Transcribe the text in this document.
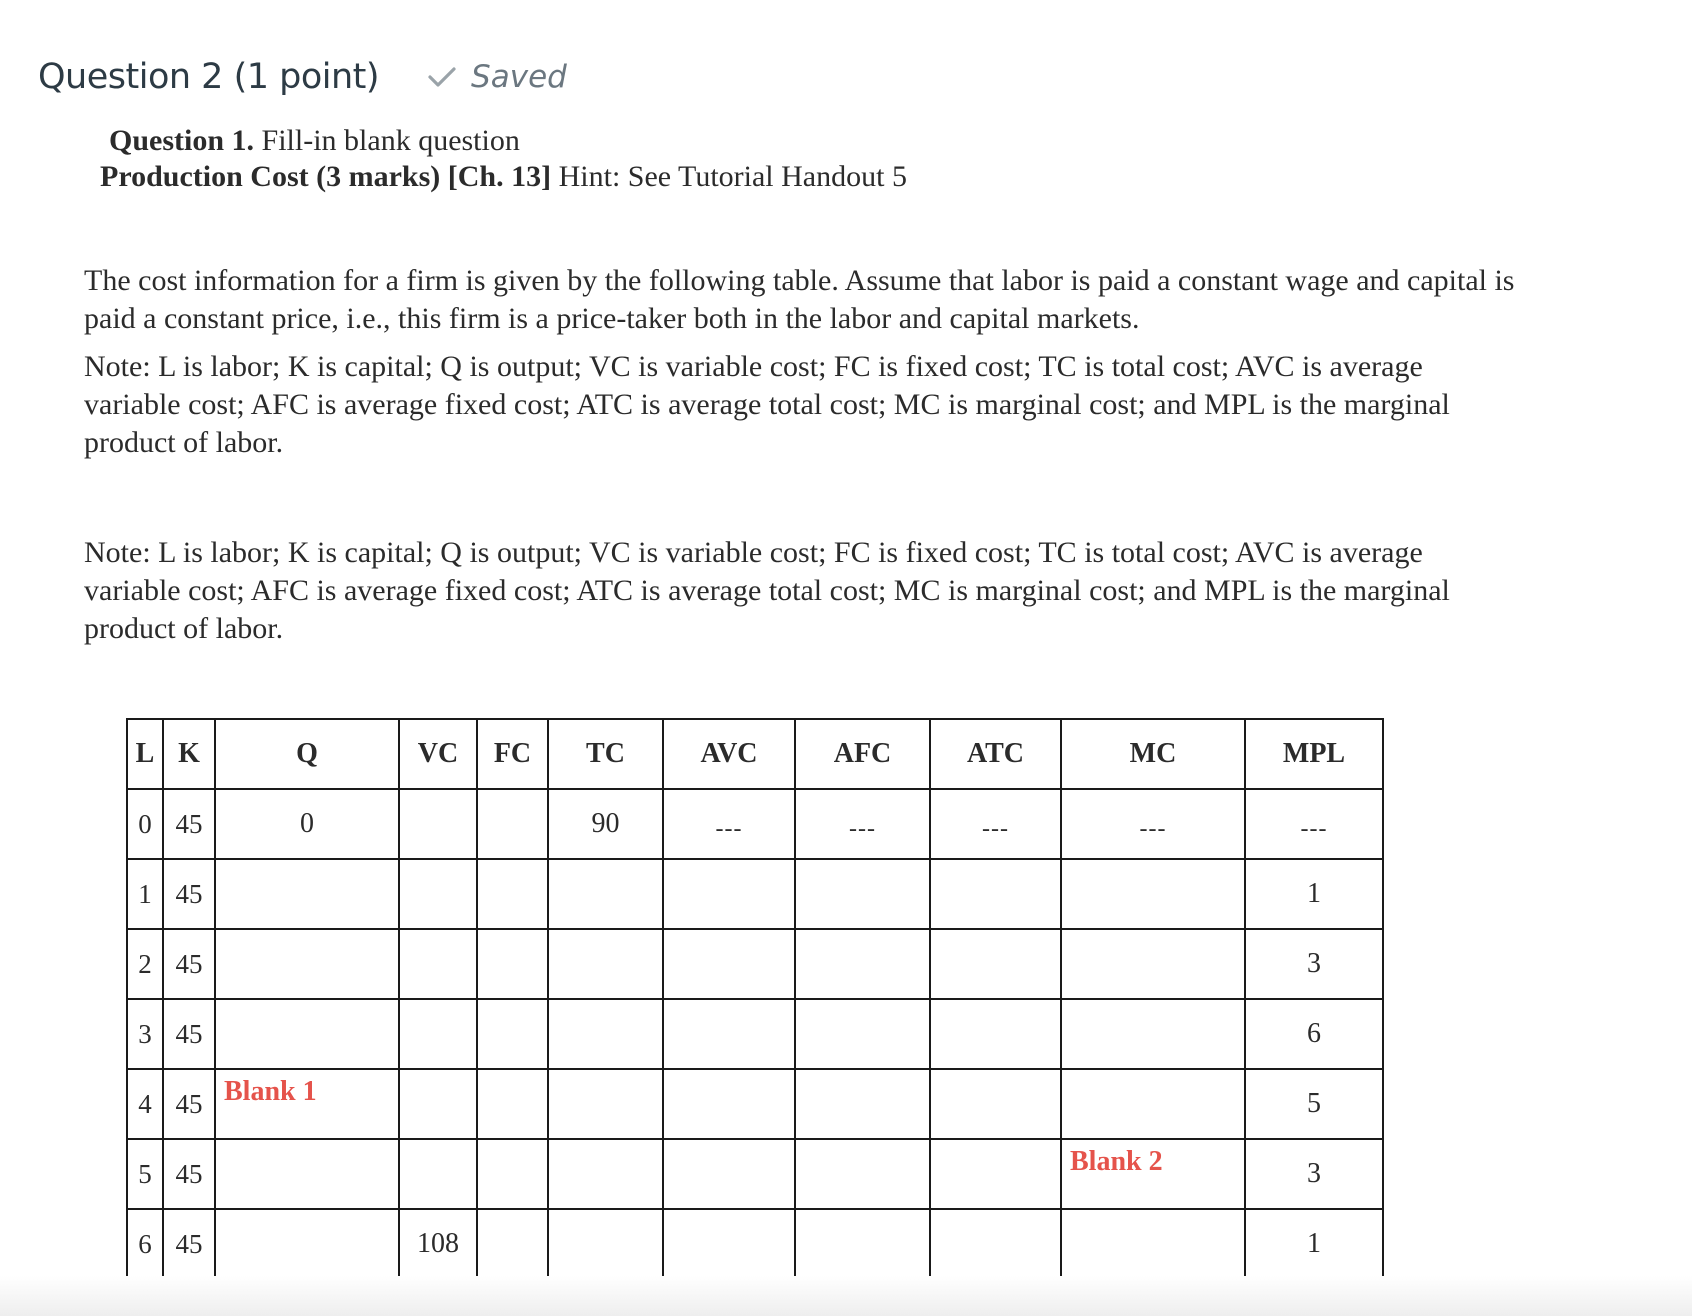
Question 2 (1 point)	Saved
Question 1. Fill-in blank question
Production Cost (3 marks) [Ch. 13] Hint: See Tutorial Handout 5
The cost information for a firm is given by the following table. Assume that labor is paid a constant wage and capital is paid a constant price, i.e., this firm is a price-taker both in the labor and capital markets.
Note: L is labor; K is capital; Q is output; VC is variable cost; FC is fixed cost; TC is total cost; AVC is average variable cost; AFC is average fixed cost; ATC is average total cost; MC is marginal cost; and MPL is the marginal product of labor.
Note: L is labor; K is capital; Q is output; VC is variable cost; FC is fixed cost; TC is total cost; AVC is average variable cost; AFC is average fixed cost; ATC is average total cost; MC is marginal cost; and MPL is the marginal product of labor.
L	K	Q	VC	FC	TC	AVC	AFC	ATC	MC	MPL
0	45	0			90	---	---	---	---	---
1	45									1
2	45									3
3	45									6
4	45	Blank 1								5
5	45								Blank 2	3
6	45		108							1
